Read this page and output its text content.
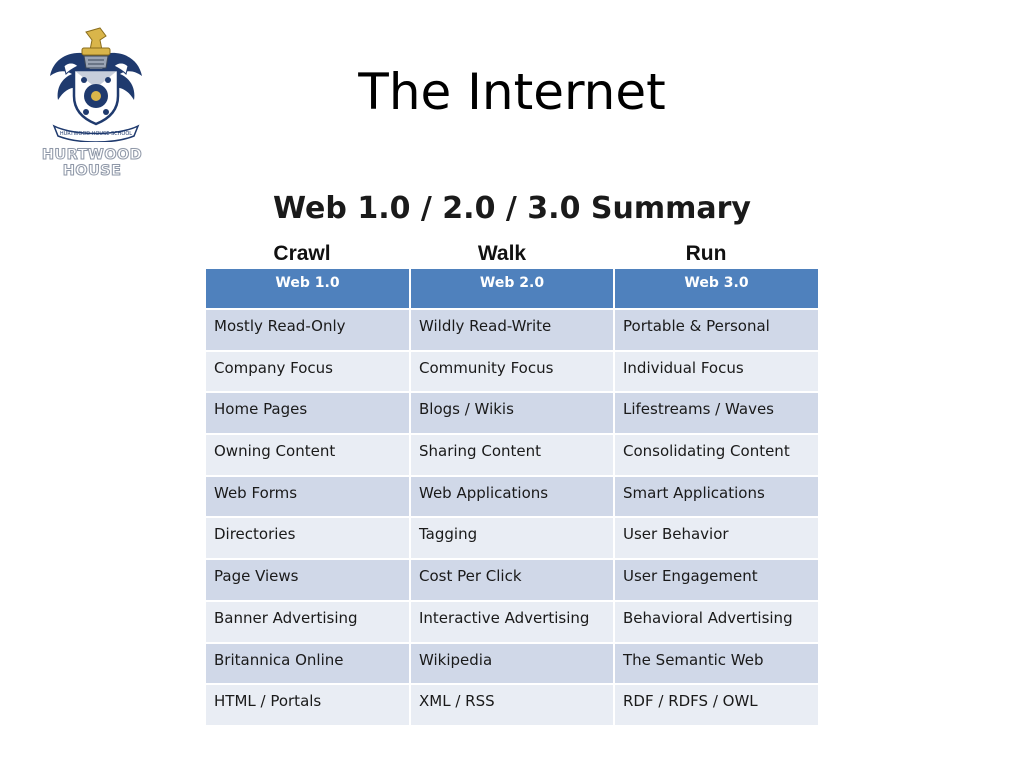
HURTWOOD HOUSE SCHOOL
HURTWOOD HOUSE
The Internet
Web 1.0 / 2.0 / 3.0 Summary
Crawl	Walk	Run
Web 1.0	Web 2.0	Web 3.0
Mostly Read-Only	Wildly Read-Write	Portable & Personal
Company Focus	Community Focus	Individual Focus
Home Pages	Blogs / Wikis	Lifestreams / Waves
Owning Content	Sharing Content	Consolidating Content
Web Forms	Web Applications	Smart Applications
Directories	Tagging	User Behavior
Page Views	Cost Per Click	User Engagement
Banner Advertising	Interactive Advertising	Behavioral Advertising
Britannica Online	Wikipedia	The Semantic Web
HTML / Portals	XML / RSS	RDF / RDFS / OWL
